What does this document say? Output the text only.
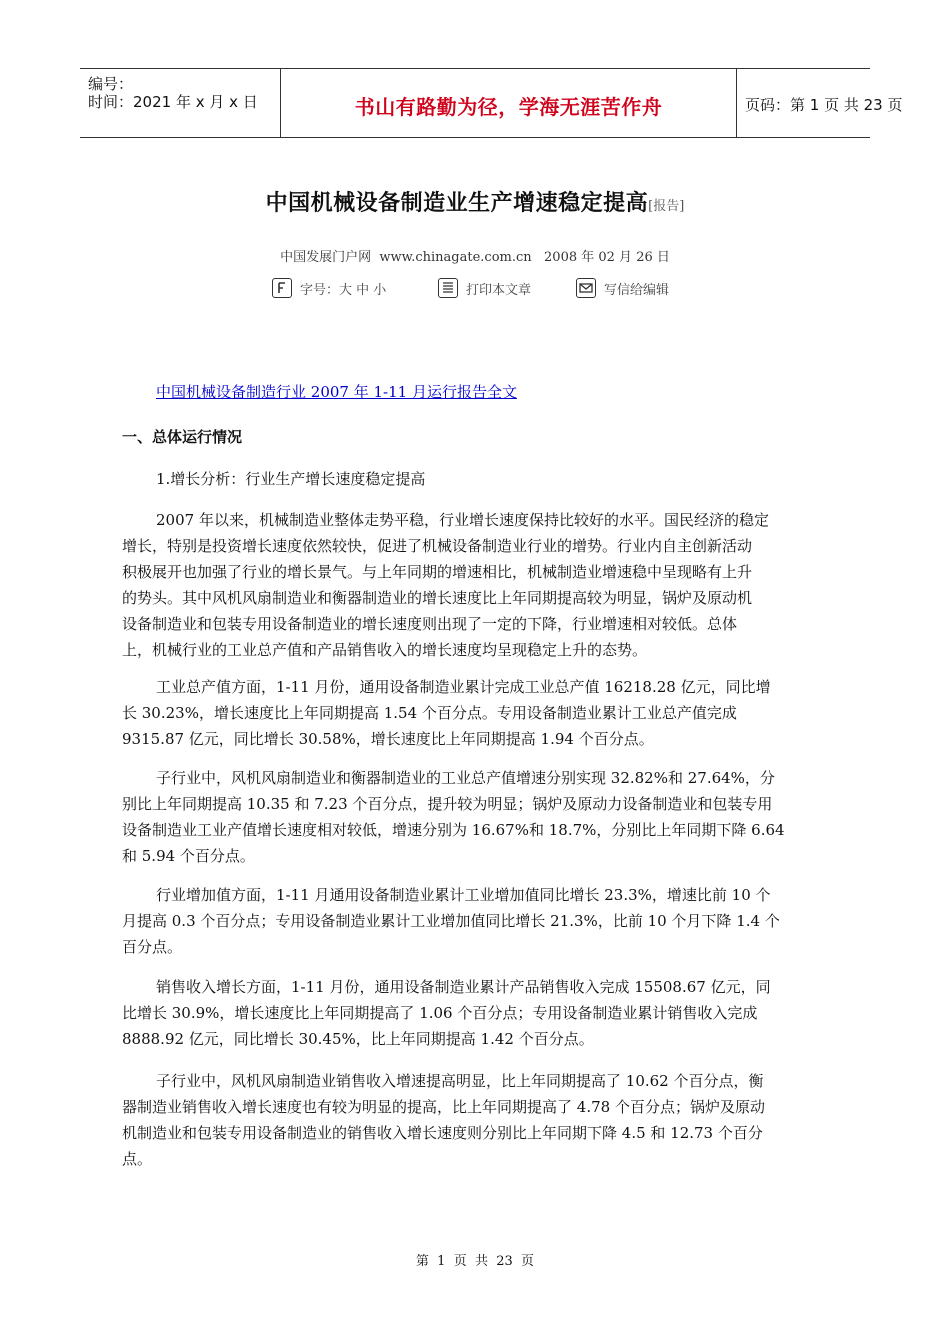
编号：
时间：2021 年 x 月 x 日	书山有路勤为径，学海无涯苦作舟	页码：第 1 页 共 23 页
中国机械设备制造业生产增速稳定提高[报告]
中国发展门户网  www.chinagate.com.cn   2008 年 02 月 26 日
字号：大 中 小	打印本文章	写信给编辑
中国机械设备制造行业 2007 年 1-11 月运行报告全文
一、总体运行情况
1.增长分析：行业生产增长速度稳定提高
2007 年以来，机械制造业整体走势平稳，行业增长速度保持比较好的水平。国民经济的稳定
增长，特别是投资增长速度依然较快，促进了机械设备制造业行业的增势。行业内自主创新活动
积极展开也加强了行业的增长景气。与上年同期的增速相比，机械制造业增速稳中呈现略有上升
的势头。其中风机风扇制造业和衡器制造业的增长速度比上年同期提高较为明显，锅炉及原动机
设备制造业和包装专用设备制造业的增长速度则出现了一定的下降，行业增速相对较低。总体
上，机械行业的工业总产值和产品销售收入的增长速度均呈现稳定上升的态势。
工业总产值方面，1-11 月份，通用设备制造业累计完成工业总产值 16218.28 亿元，同比增
长 30.23%，增长速度比上年同期提高 1.54 个百分点。专用设备制造业累计工业总产值完成
9315.87 亿元，同比增长 30.58%，增长速度比上年同期提高 1.94 个百分点。
子行业中，风机风扇制造业和衡器制造业的工业总产值增速分别实现 32.82%和 27.64%，分
别比上年同期提高 10.35 和 7.23 个百分点，提升较为明显；锅炉及原动力设备制造业和包装专用
设备制造业工业产值增长速度相对较低，增速分别为 16.67%和 18.7%，分别比上年同期下降 6.64
和 5.94 个百分点。
行业增加值方面，1-11 月通用设备制造业累计工业增加值同比增长 23.3%，增速比前 10 个
月提高 0.3 个百分点；专用设备制造业累计工业增加值同比增长 21.3%，比前 10 个月下降 1.4 个
百分点。
销售收入增长方面，1-11 月份，通用设备制造业累计产品销售收入完成 15508.67 亿元，同
比增长 30.9%，增长速度比上年同期提高了 1.06 个百分点；专用设备制造业累计销售收入完成
8888.92 亿元，同比增长 30.45%，比上年同期提高 1.42 个百分点。
子行业中，风机风扇制造业销售收入增速提高明显，比上年同期提高了 10.62 个百分点，衡
器制造业销售收入增长速度也有较为明显的提高，比上年同期提高了 4.78 个百分点；锅炉及原动
机制造业和包装专用设备制造业的销售收入增长速度则分别比上年同期下降 4.5 和 12.73 个百分
点。
第  1  页  共  23  页
